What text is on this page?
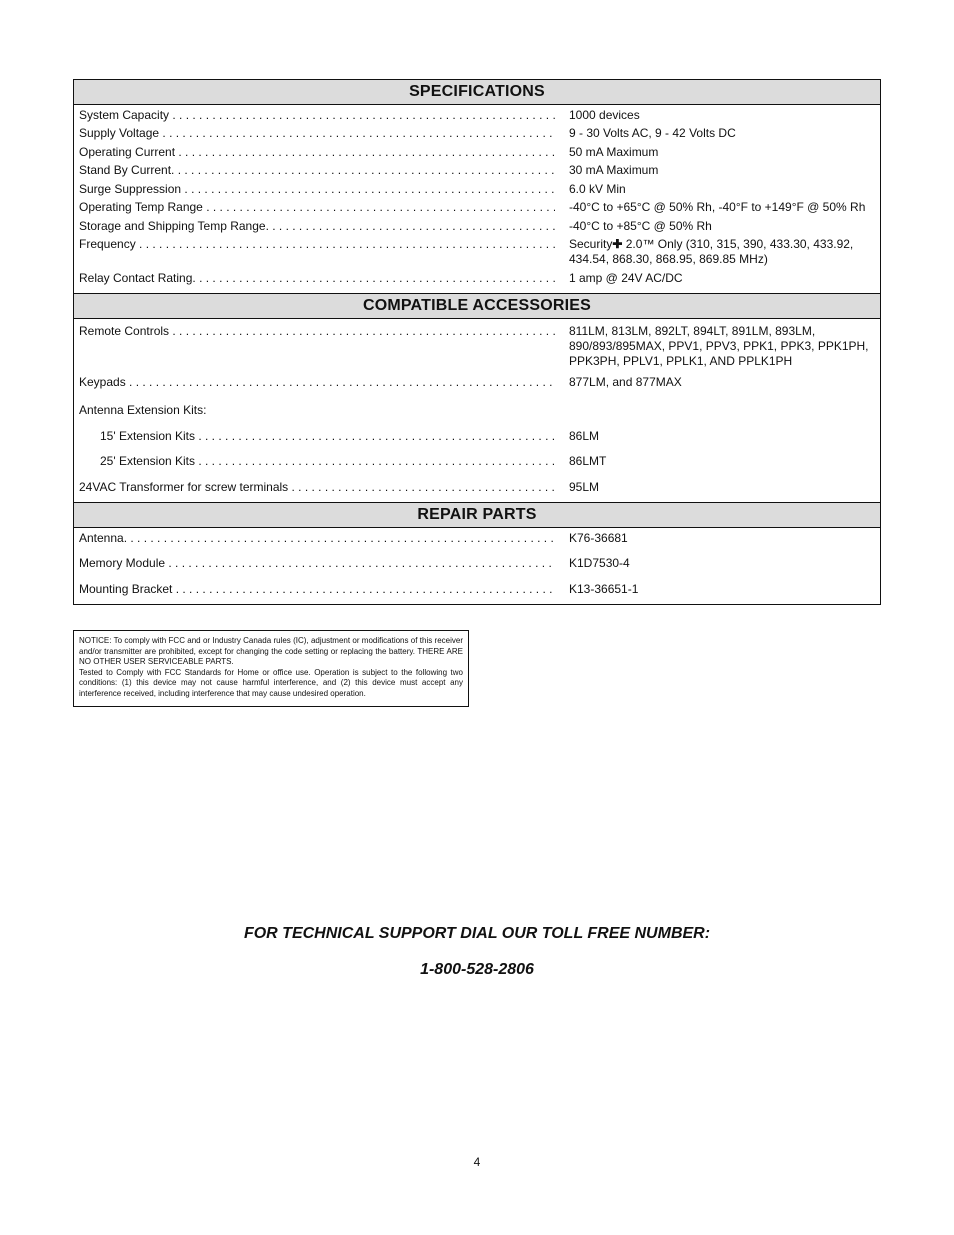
SPECIFICATIONS
System Capacity . . .	1000 devices
Supply Voltage . . .	9 - 30 Volts AC, 9 - 42 Volts DC
Operating Current . . .	50 mA Maximum
Stand By Current. . . .	30 mA Maximum
Surge Suppression . . .	6.0 kV Min
Operating Temp Range . . .	-40°C to +65°C @ 50% Rh, -40°F to +149°F @ 50% Rh
Storage and Shipping Temp Range. . . .	-40°C to +85°C @ 50% Rh
Frequency . . .	Security✚ 2.0™ Only (310, 315, 390, 433.30, 433.92, 434.54, 868.30, 868.95, 869.85 MHz)
Relay Contact Rating. . . .	1 amp @ 24V AC/DC
COMPATIBLE ACCESSORIES
Remote Controls . . .	811LM, 813LM, 892LT, 894LT, 891LM, 893LM, 890/893/895MAX, PPV1, PPV3, PPK1, PPK3, PPK1PH, PPK3PH, PPLV1, PPLK1, AND PPLK1PH
Keypads . . .	877LM, and 877MAX
Antenna Extension Kits:
15' Extension Kits . . .	86LM
25' Extension Kits . . .	86LMT
24VAC Transformer for screw terminals . . .	95LM
REPAIR PARTS
Antenna. . . .	K76-36681
Memory Module . . .	K1D7530-4
Mounting Bracket . . .	K13-36651-1

NOTICE: To comply with FCC and or Industry Canada rules (IC), adjustment or modifications of this receiver and/or transmitter are prohibited, except for changing the code setting or replacing the battery. THERE ARE NO OTHER USER SERVICEABLE PARTS.

Tested to Comply with FCC Standards for Home or office use. Operation is subject to the following two conditions: (1) this device may not cause harmful interference, and (2) this device must accept any interference received, including interference that may cause undesired operation.

FOR TECHNICAL SUPPORT DIAL OUR TOLL FREE NUMBER:
1-800-528-2806
4
